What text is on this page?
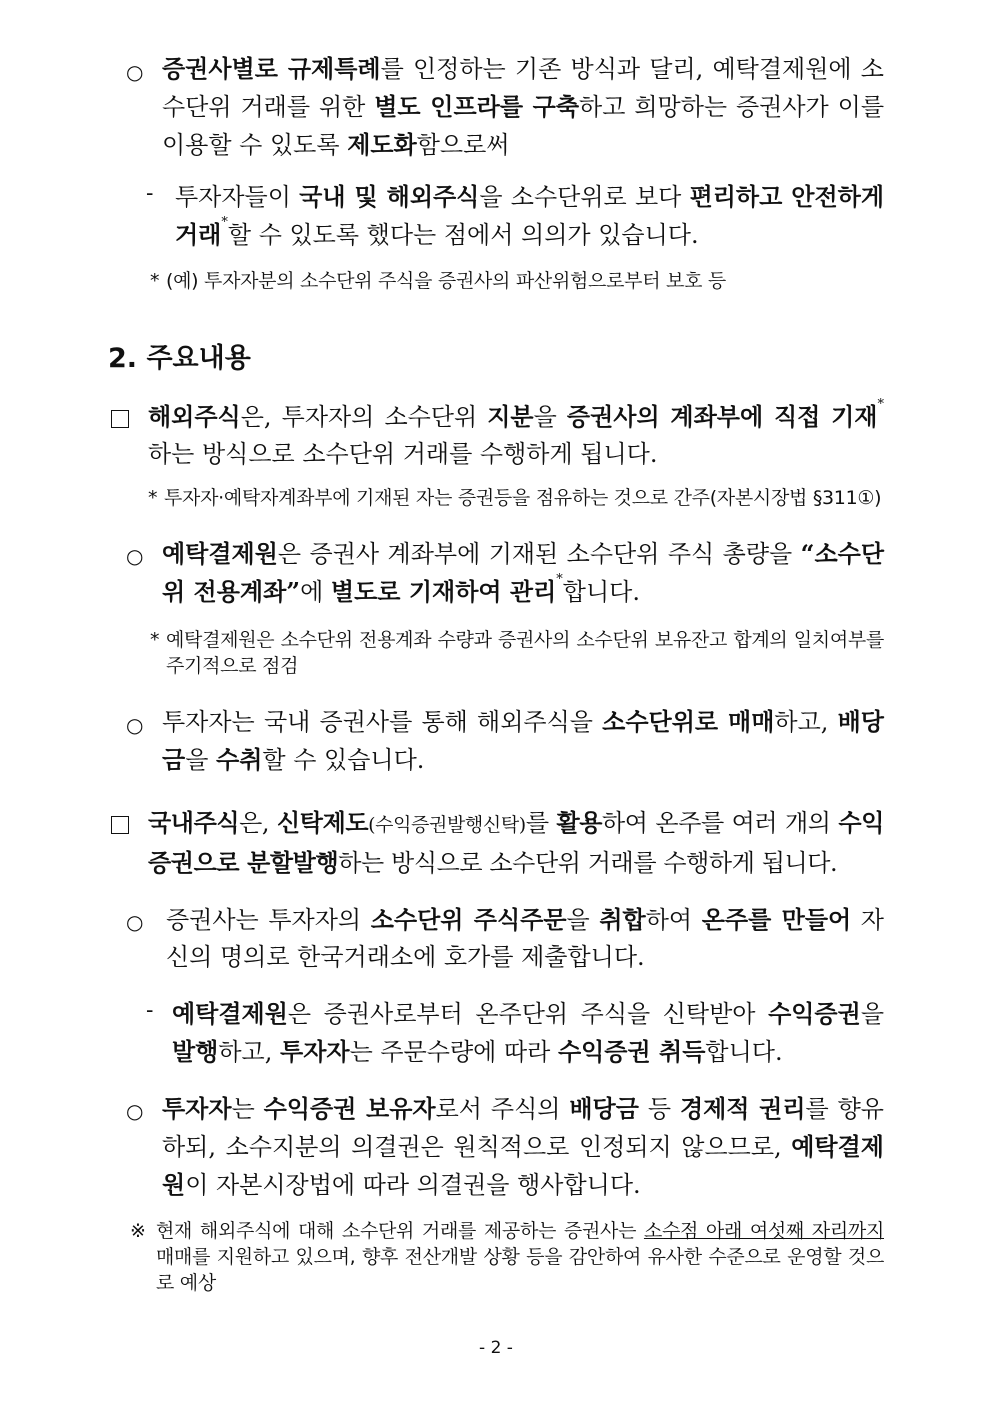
○ 증권사별로 규제특례를 인정하는 기존 방식과 달리, 예탁결제원에 소수단위 거래를 위한 별도 인프라를 구축하고 희망하는 증권사가 이를 이용할 수 있도록 제도화함으로써

- 투자자들이 국내 및 해외주식을 소수단위로 보다 편리하고 안전하게 거래*할 수 있도록 했다는 점에서 의의가 있습니다.

* (예) 투자자분의 소수단위 주식을 증권사의 파산위험으로부터 보호 등

2. 주요내용

해외주식은, 투자자의 소수단위 지분을 증권사의 계좌부에 직접 기재*하는 방식으로 소수단위 거래를 수행하게 됩니다.

* 투자자·예탁자계좌부에 기재된 자는 증권등을 점유하는 것으로 간주(자본시장법 §311①)

○ 예탁결제원은 증권사 계좌부에 기재된 소수단위 주식 총량을 “소수단위 전용계좌”에 별도로 기재하여 관리*합니다.

* 예탁결제원은 소수단위 전용계좌 수량과 증권사의 소수단위 보유잔고 합계의 일치여부를 주기적으로 점검

○ 투자자는 국내 증권사를 통해 해외주식을 소수단위로 매매하고, 배당금을 수취할 수 있습니다.

국내주식은, 신탁제도(수익증권발행신탁)를 활용하여 온주를 여러 개의 수익증권으로 분할발행하는 방식으로 소수단위 거래를 수행하게 됩니다.

○ 증권사는 투자자의 소수단위 주식주문을 취합하여 온주를 만들어 자신의 명의로 한국거래소에 호가를 제출합니다.

- 예탁결제원은 증권사로부터 온주단위 주식을 신탁받아 수익증권을 발행하고, 투자자는 주문수량에 따라 수익증권 취득합니다.

○ 투자자는 수익증권 보유자로서 주식의 배당금 등 경제적 권리를 향유하되, 소수지분의 의결권은 원칙적으로 인정되지 않으므로, 예탁결제원이 자본시장법에 따라 의결권을 행사합니다.

※ 현재 해외주식에 대해 소수단위 거래를 제공하는 증권사는 소수점 아래 여섯째 자리까지 매매를 지원하고 있으며, 향후 전산개발 상황 등을 감안하여 유사한 수준으로 운영할 것으로 예상

- 2 -
